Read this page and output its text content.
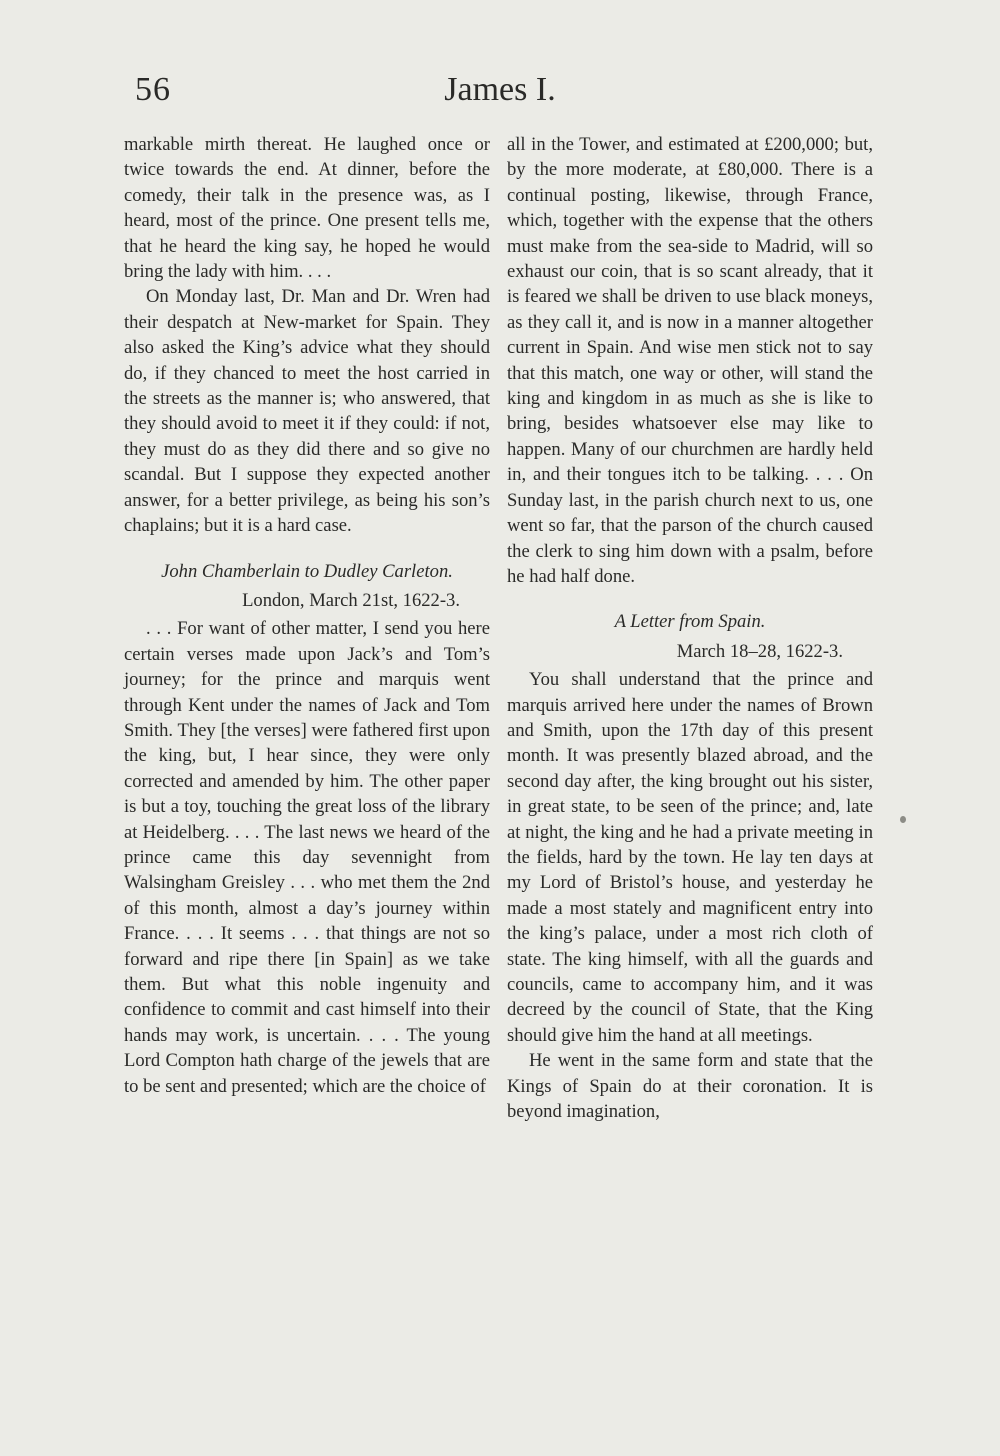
56	James I.

markable mirth thereat. He laughed once or twice towards the end. At dinner, before the comedy, their talk in the presence was, as I heard, most of the prince. One present tells me, that he heard the king say, he hoped he would bring the lady with him. . . .

On Monday last, Dr. Man and Dr. Wren had their despatch at New-market for Spain. They also asked the King’s advice what they should do, if they chanced to meet the host carried in the streets as the manner is; who answered, that they should avoid to meet it if they could: if not, they must do as they did there and so give no scandal. But I suppose they expected another answer, for a better privilege, as being his son’s chaplains; but it is a hard case.

John Chamberlain to Dudley Carleton.

London, March 21st, 1622-3.

. . . For want of other matter, I send you here certain verses made upon Jack’s and Tom’s journey; for the prince and marquis went through Kent under the names of Jack and Tom Smith. They [the verses] were fathered first upon the king, but, I hear since, they were only corrected and amended by him. The other paper is but a toy, touching the great loss of the library at Heidelberg. . . . The last news we heard of the prince came this day sevennight from Walsingham Greisley . . . who met them the 2nd of this month, almost a day’s journey within France. . . . It seems . . . that things are not so forward and ripe there [in Spain] as we take them. But what this noble ingenuity and confidence to commit and cast himself into their hands may work, is uncertain. . . . The young Lord Compton hath charge of the jewels that are to be sent and presented; which are the choice of

all in the Tower, and estimated at £200,000; but, by the more moderate, at £80,000. There is a continual posting, likewise, through France, which, together with the expense that the others must make from the sea-side to Madrid, will so exhaust our coin, that is so scant already, that it is feared we shall be driven to use black moneys, as they call it, and is now in a manner altogether current in Spain. And wise men stick not to say that this match, one way or other, will stand the king and kingdom in as much as she is like to bring, besides whatsoever else may like to happen. Many of our churchmen are hardly held in, and their tongues itch to be talking. . . . On Sunday last, in the parish church next to us, one went so far, that the parson of the church caused the clerk to sing him down with a psalm, before he had half done.

A Letter from Spain.

March 18–28, 1622-3.

You shall understand that the prince and marquis arrived here under the names of Brown and Smith, upon the 17th day of this present month. It was presently blazed abroad, and the second day after, the king brought out his sister, in great state, to be seen of the prince; and, late at night, the king and he had a private meeting in the fields, hard by the town. He lay ten days at my Lord of Bristol’s house, and yesterday he made a most stately and magnificent entry into the king’s palace, under a most rich cloth of state. The king himself, with all the guards and councils, came to accompany him, and it was decreed by the council of State, that the King should give him the hand at all meetings.

He went in the same form and state that the Kings of Spain do at their coronation. It is beyond imagination,
